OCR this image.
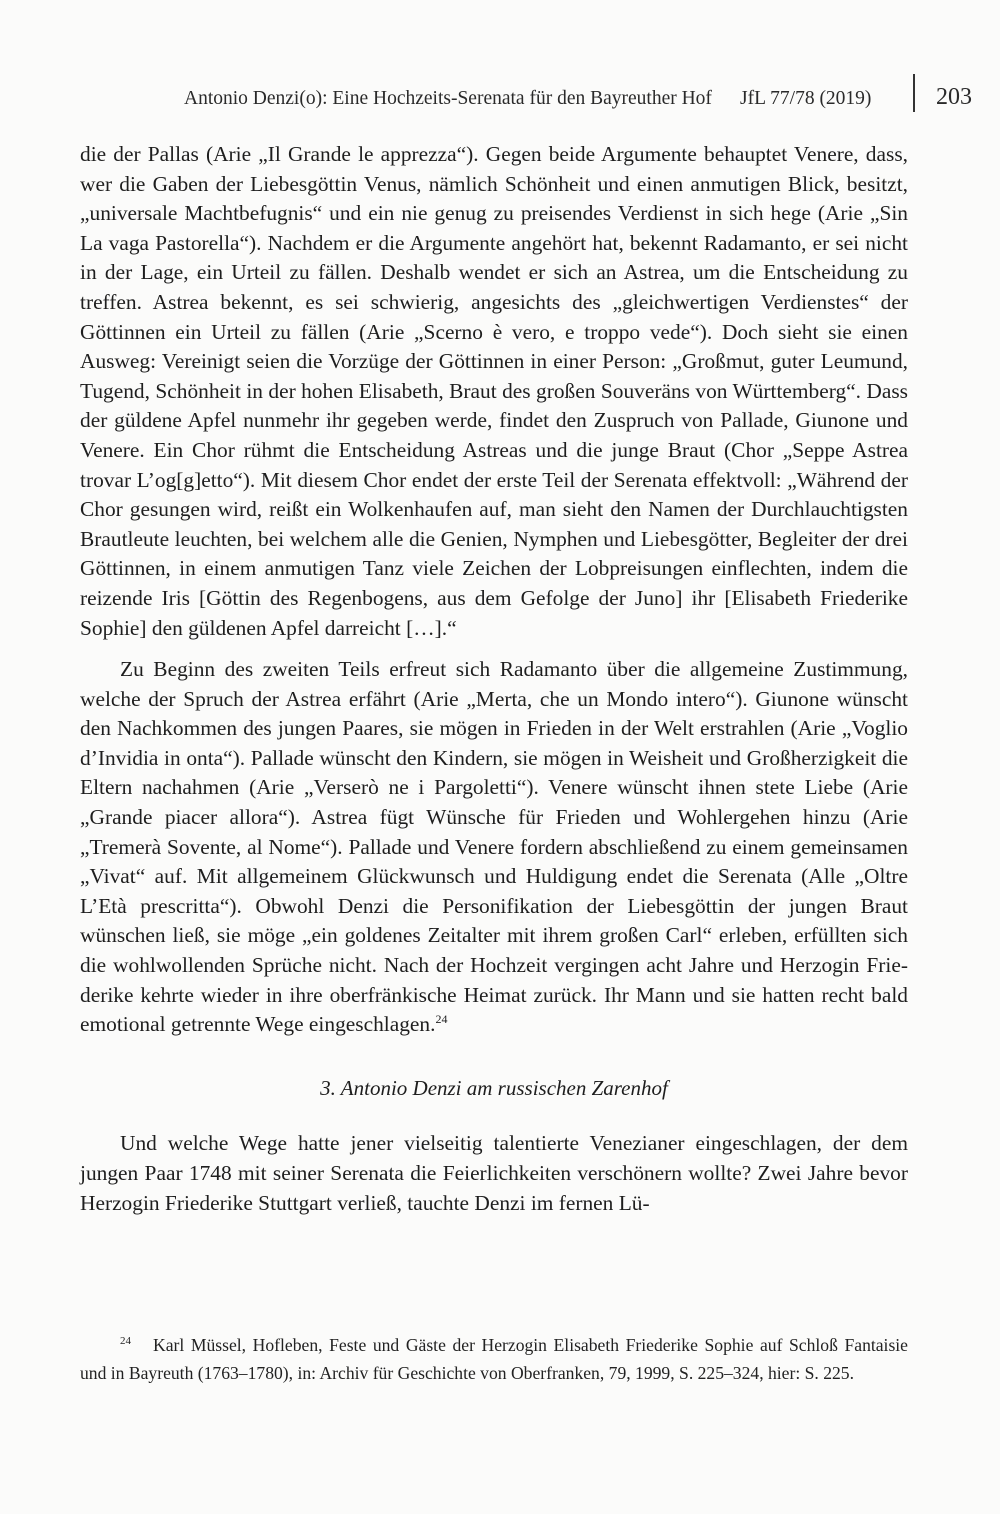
Antonio Denzi(o): Eine Hochzeits-Serenata für den Bayreuther Hof JfL 77/78 (2019)	203

die der Pallas (Arie „Il Grande le apprezza“). Gegen beide Argumente behauptet Venere, dass, wer die Gaben der Liebesgöttin Venus, nämlich Schönheit und einen anmutigen Blick, besitzt, „universale Machtbefugnis“ und ein nie genug zu preisendes Verdienst in sich hege (Arie „Sin La vaga Pastorella“). Nachdem er die Argumente angehört hat, bekennt Radamanto, er sei nicht in der Lage, ein Urteil zu fällen. Deshalb wendet er sich an Astrea, um die Entscheidung zu treffen. Astrea bekennt, es sei schwierig, angesichts des „gleichwertigen Verdienstes“ der Göttinnen ein Urteil zu fällen (Arie „Scerno è vero, e troppo vede“). Doch sieht sie einen Ausweg: Vereinigt seien die Vorzüge der Göttinnen in einer Person: „Großmut, guter Leumund, Tugend, Schönheit in der hohen Elisabeth, Braut des großen Souveräns von Württemberg“. Dass der güldene Apfel nunmehr ihr gegeben werde, findet den Zuspruch von Pallade, Giunone und Venere. Ein Chor rühmt die Entscheidung Astreas und die junge Braut (Chor „Seppe Astrea trovar L’og[g]etto“). Mit diesem Chor endet der erste Teil der Serenata effektvoll: „Während der Chor gesungen wird, reißt ein Wolkenhaufen auf, man sieht den Namen der Durchlauchtigsten Brautleute leuchten, bei welchem alle die Genien, Nymphen und Liebesgötter, Begleiter der drei Göttinnen, in einem anmutigen Tanz viele Zeichen der Lobpreisungen einflechten, indem die reizende Iris [Göttin des Regenbogens, aus dem Gefolge der Juno] ihr [Elisabeth Friederike Sophie] den güldenen Apfel darreicht […].“

Zu Beginn des zweiten Teils erfreut sich Radamanto über die allgemeine Zustimmung, welche der Spruch der Astrea erfährt (Arie „Merta, che un Mondo intero“). Giunone wünscht den Nachkommen des jungen Paares, sie mögen in Frieden in der Welt erstrahlen (Arie „Voglio d’Invidia in onta“). Pallade wünscht den Kindern, sie mögen in Weisheit und Großherzigkeit die Eltern nachahmen (Arie „Verserò ne i Pargoletti“). Venere wünscht ihnen stete Liebe (Arie „Grande piacer allora“). Astrea fügt Wünsche für Frieden und Wohlergehen hinzu (Arie „Tremerà Sovente, al Nome“). Pallade und Venere fordern abschließend zu einem gemeinsamen „Vivat“ auf. Mit allgemeinem Glückwunsch und Huldigung endet die Serenata (Alle „Oltre L’Età prescritta“). Obwohl Denzi die Personifikation der Liebesgöttin der jungen Braut wünschen ließ, sie möge „ein goldenes Zeitalter mit ihrem großen Carl“ erleben, erfüllten sich die wohlwollenden Sprüche nicht. Nach der Hochzeit vergingen acht Jahre und Herzogin Friederike kehrte wieder in ihre oberfränkische Heimat zurück. Ihr Mann und sie hatten recht bald emotional getrennte Wege eingeschlagen.$^{24}$

3. Antonio Denzi am russischen Zarenhof

Und welche Wege hatte jener vielseitig talentierte Venezianer eingeschlagen, der dem jungen Paar 1748 mit seiner Serenata die Feierlichkeiten verschönern wollte? Zwei Jahre bevor Herzogin Friederike Stuttgart verließ, tauchte Denzi im fernen Lü-

$^{24}$ Karl Müssel, Hofleben, Feste und Gäste der Herzogin Elisabeth Friederike Sophie auf Schloß Fantaisie und in Bayreuth (1763–1780), in: Archiv für Geschichte von Oberfranken, 79, 1999, S. 225–324, hier: S. 225.
